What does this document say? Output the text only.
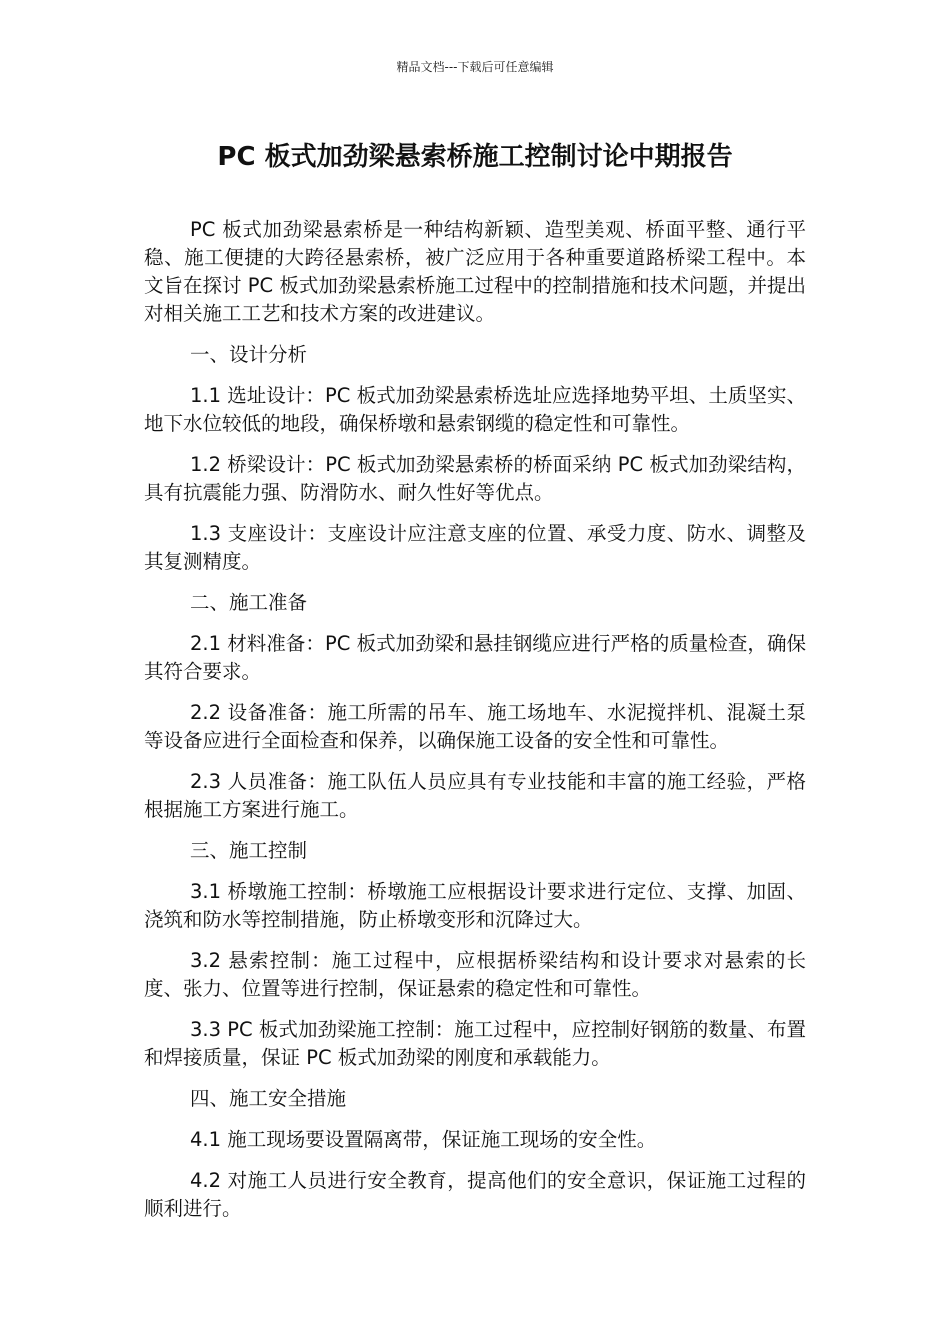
精品文档---下载后可任意编辑
PC 板式加劲梁悬索桥施工控制讨论中期报告

PC 板式加劲梁悬索桥是一种结构新颖、造型美观、桥面平整、通行平稳、施工便捷的大跨径悬索桥，被广泛应用于各种重要道路桥梁工程中。本文旨在探讨 PC 板式加劲梁悬索桥施工过程中的控制措施和技术问题，并提出对相关施工工艺和技术方案的改进建议。

一、设计分析

1.1 选址设计：PC 板式加劲梁悬索桥选址应选择地势平坦、土质坚实、地下水位较低的地段，确保桥墩和悬索钢缆的稳定性和可靠性。

1.2 桥梁设计：PC 板式加劲梁悬索桥的桥面采纳 PC 板式加劲梁结构，具有抗震能力强、防滑防水、耐久性好等优点。

1.3 支座设计：支座设计应注意支座的位置、承受力度、防水、调整及其复测精度。

二、施工准备

2.1 材料准备：PC 板式加劲梁和悬挂钢缆应进行严格的质量检查，确保其符合要求。

2.2 设备准备：施工所需的吊车、施工场地车、水泥搅拌机、混凝土泵等设备应进行全面检查和保养，以确保施工设备的安全性和可靠性。

2.3 人员准备：施工队伍人员应具有专业技能和丰富的施工经验，严格根据施工方案进行施工。

三、施工控制

3.1 桥墩施工控制：桥墩施工应根据设计要求进行定位、支撑、加固、浇筑和防水等控制措施，防止桥墩变形和沉降过大。

3.2 悬索控制：施工过程中，应根据桥梁结构和设计要求对悬索的长度、张力、位置等进行控制，保证悬索的稳定性和可靠性。

3.3 PC 板式加劲梁施工控制：施工过程中，应控制好钢筋的数量、布置和焊接质量，保证 PC 板式加劲梁的刚度和承载能力。

四、施工安全措施

4.1 施工现场要设置隔离带，保证施工现场的安全性。

4.2 对施工人员进行安全教育，提高他们的安全意识，保证施工过程的顺利进行。
